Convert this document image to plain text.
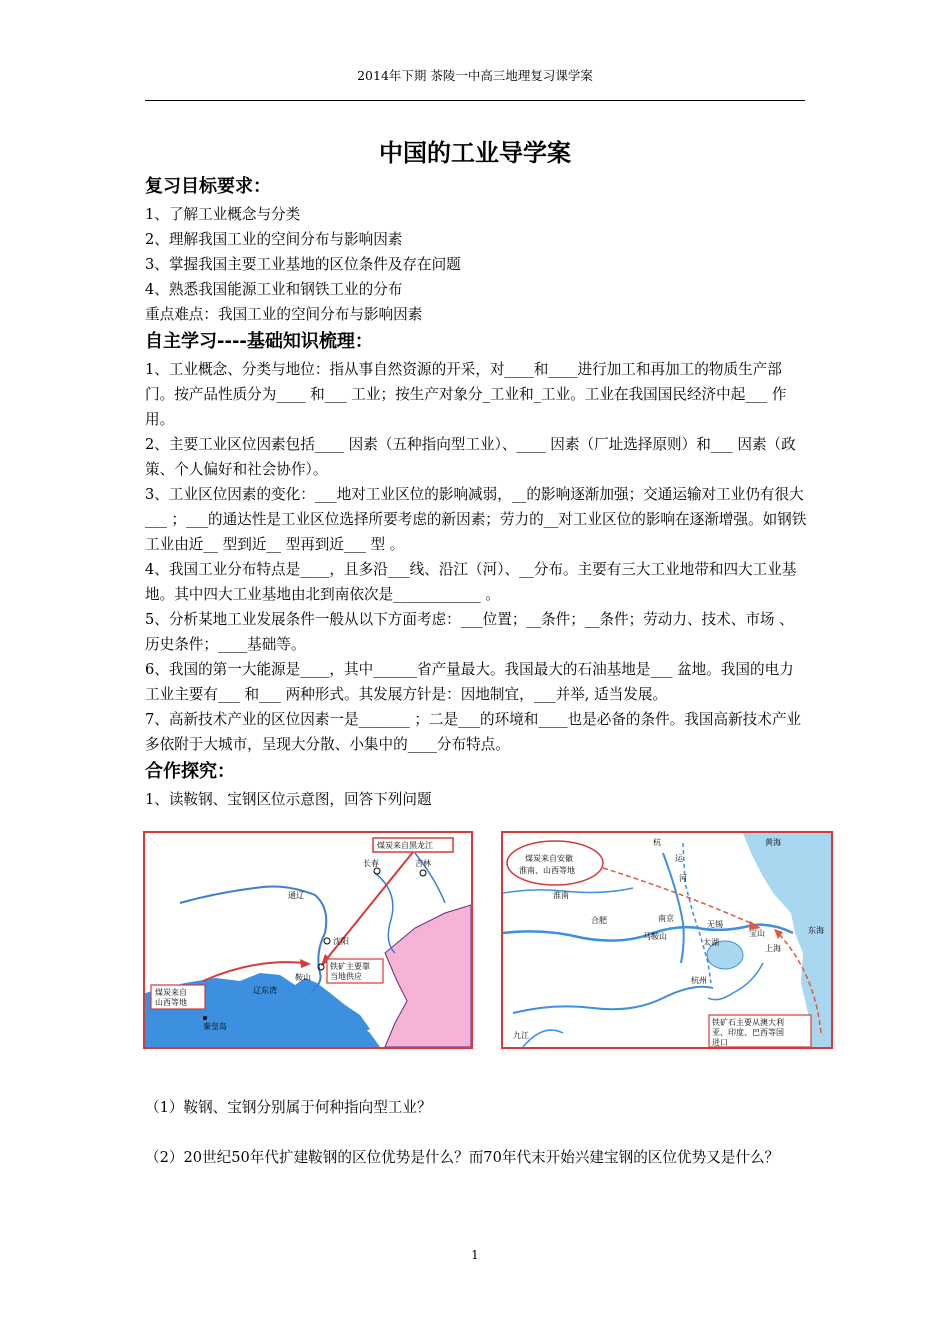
2014年下期 茶陵一中高三地理复习课学案
中国的工业导学案
复习目标要求：

1、了解工业概念与分类

2、理解我国工业的空间分布与影响因素

3、掌握我国主要工业基地的区位条件及存在问题

4、熟悉我国能源工业和钢铁工业的分布

重点难点：我国工业的空间分布与影响因素

自主学习----基础知识梳理：

1、工业概念、分类与地位：指从事自然资源的开采，对____和____进行加工和再加工的物质生产部门。按产品性质分为____ 和___ 工业；按生产对象分_工业和_工业。工业在我国国民经济中起___ 作用。

2、主要工业区位因素包括____ 因素（五种指向型工业）、____ 因素（厂址选择原则）和___ 因素（政策、个人偏好和社会协作）。

3、工业区位因素的变化：___地对工业区位的影响减弱，__的影响逐渐加强；交通运输对工业仍有很大___ ；___的通达性是工业区位选择所要考虑的新因素；劳力的__对工业区位的影响在逐渐增强。如钢铁工业由近__ 型到近__ 型再到近___ 型 。

4、我国工业分布特点是____，且多沿___线、沿江（河）、__分布。主要有三大工业地带和四大工业基地。其中四大工业基地由北到南依次是____________ 。

5、分析某地工业发展条件一般从以下方面考虑：___位置；__条件；__条件；劳动力、技术、市场 、历史条件；____基础等。

6、我国的第一大能源是____，其中______省产量最大。我国最大的石油基地是___ 盆地。我国的电力工业主要有___ 和___ 两种形式。其发展方针是：因地制宜，___并举, 适当发展。

7、高新技术产业的区位因素一是_______ ；二是___的环境和____也是必备的条件。我国高新技术产业多依附于大城市，呈现大分散、小集中的____分布特点。

合作探究：

1、读鞍钢、宝钢区位示意图，回答下列问题

煤炭来自黑龙江
长春	吉林
通辽
沈阳
鞍山
铁矿主要靠
当地供应
煤炭来自
山西等地
辽东湾
秦皇岛
煤炭来自安徽
淮南、山西等地
淮南
合肥	南京
马鞍山
无锡
太湖
宝山
上海
杭州
九江
东海
黄海
杭
运
河
铁矿石主要从澳大利
亚、印度、巴西等国
进口
（1）鞍钢、宝钢分别属于何种指向型工业？
（2）20世纪50年代扩建鞍钢的区位优势是什么？而70年代末开始兴建宝钢的区位优势又是什么？
1
